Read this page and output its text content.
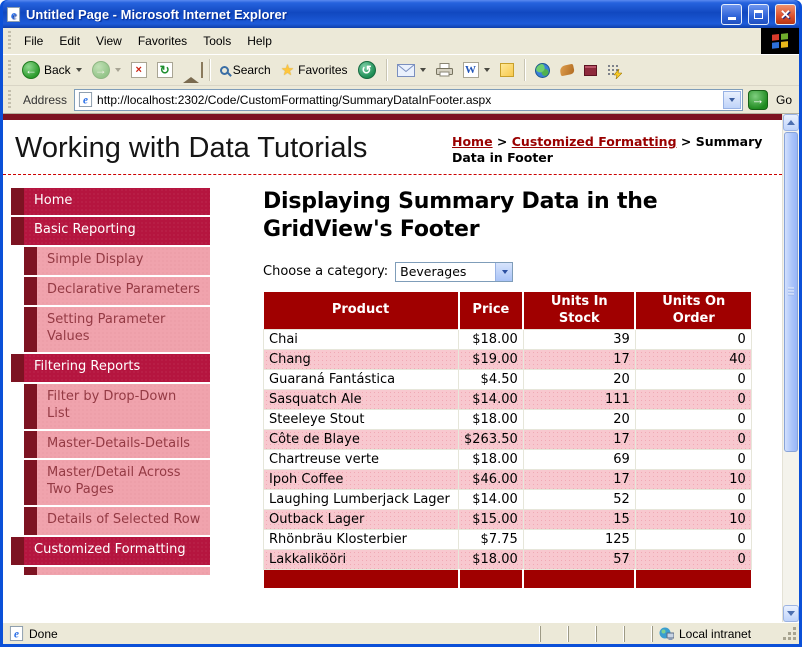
e Untitled Page - Microsoft Internet Explorer	✕
File	Edit	View	Favorites	Tools	Help
← Back →	×	↻	Search ★ Favorites	↺	W
Address e http://localhost:2302/Code/CustomFormatting/SummaryDataInFooter.aspx	→ Go
Working with Data Tutorials	Home > Customized Formatting > Summary Data in Footer
Home
Basic Reporting
Simple Display
Declarative Parameters
Setting Parameter Values
Filtering Reports
Filter by Drop-Down List
Master-Details-Details
Master/Detail Across Two Pages
Details of Selected Row
Customized Formatting
Displaying Summary Data in the GridView's Footer
Choose a category: Beverages
Product	Price	Units In Stock	Units On Order
Chai	$18.00	39	0
Chang	$19.00	17	40
Guaraná Fantástica	$4.50	20	0
Sasquatch Ale	$14.00	111	0
Steeleye Stout	$18.00	20	0
Côte de Blaye	$263.50	17	0
Chartreuse verte	$18.00	69	0
Ipoh Coffee	$46.00	17	10
Laughing Lumberjack Lager	$14.00	52	0
Outback Lager	$15.00	15	10
Rhönbräu Klosterbier	$7.75	125	0
Lakkalikööri	$18.00	57	0

e Done	Local intranet
